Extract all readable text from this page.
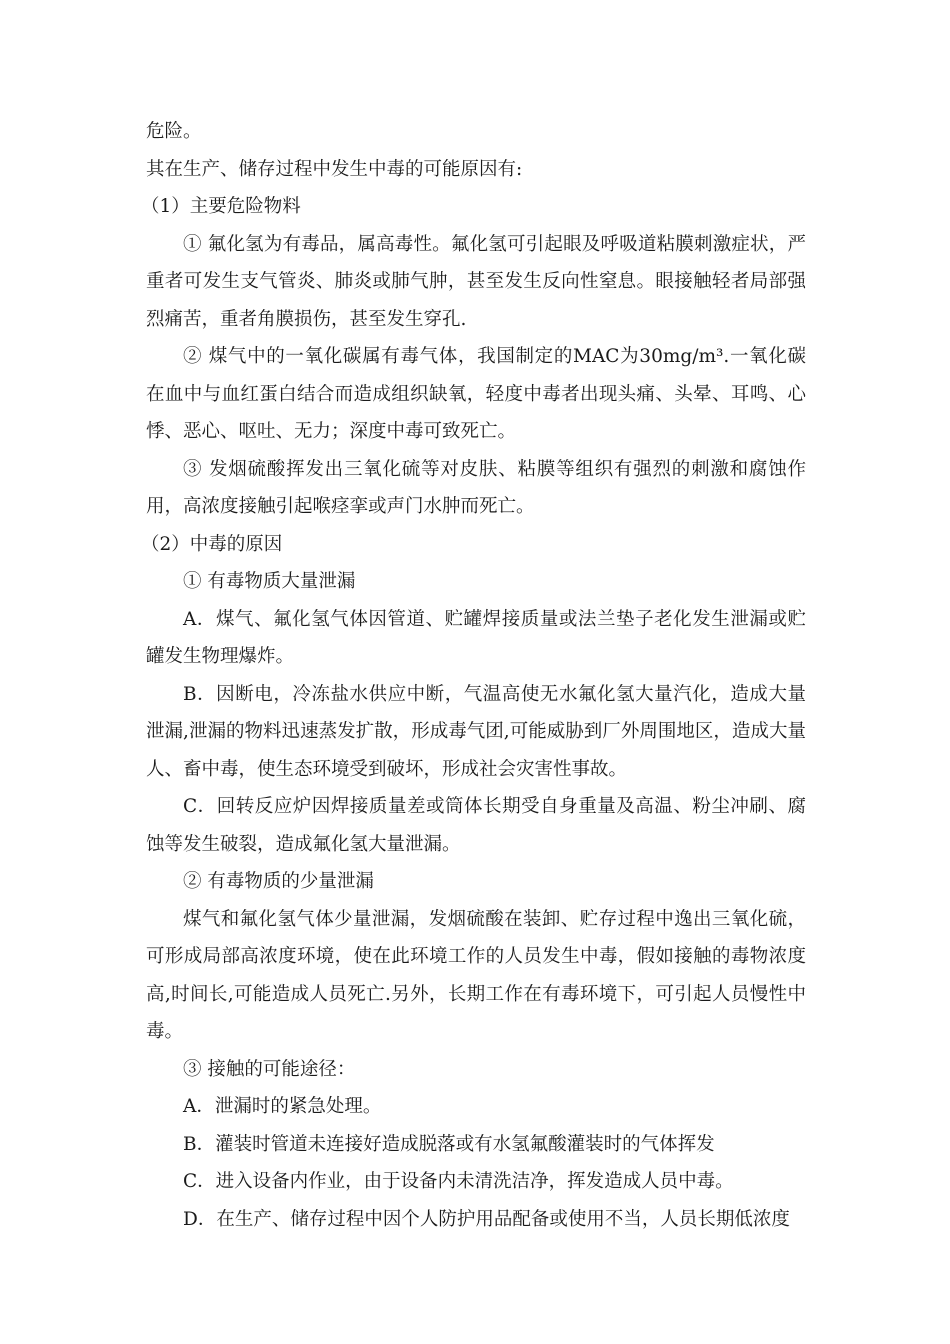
危险。

其在生产、储存过程中发生中毒的可能原因有:

（1）主要危险物料

① 氟化氢为有毒品，属高毒性。氟化氢可引起眼及呼吸道粘膜刺激症状，严重者可发生支气管炎、肺炎或肺气肿，甚至发生反向性窒息。眼接触轻者局部强烈痛苦，重者角膜损伤，甚至发生穿孔.

② 煤气中的一氧化碳属有毒气体，我国制定的MAC为30mg/m³.一氧化碳在血中与血红蛋白结合而造成组织缺氧，轻度中毒者出现头痛、头晕、耳鸣、心悸、恶心、呕吐、无力；深度中毒可致死亡。

③ 发烟硫酸挥发出三氧化硫等对皮肤、粘膜等组织有强烈的刺激和腐蚀作用，高浓度接触引起喉痉挛或声门水肿而死亡。

（2）中毒的原因

① 有毒物质大量泄漏

A．煤气、氟化氢气体因管道、贮罐焊接质量或法兰垫子老化发生泄漏或贮罐发生物理爆炸。

B．因断电，冷冻盐水供应中断，气温高使无水氟化氢大量汽化，造成大量泄漏,泄漏的物料迅速蒸发扩散，形成毒气团,可能威胁到厂外周围地区，造成大量人、畜中毒，使生态环境受到破坏，形成社会灾害性事故。

C．回转反应炉因焊接质量差或筒体长期受自身重量及高温、粉尘冲刷、腐蚀等发生破裂，造成氟化氢大量泄漏。

② 有毒物质的少量泄漏

煤气和氟化氢气体少量泄漏，发烟硫酸在装卸、贮存过程中逸出三氧化硫，可形成局部高浓度环境，使在此环境工作的人员发生中毒，假如接触的毒物浓度高,时间长,可能造成人员死亡.另外，长期工作在有毒环境下，可引起人员慢性中毒。

③ 接触的可能途径：

A．泄漏时的紧急处理。

B．灌装时管道未连接好造成脱落或有水氢氟酸灌装时的气体挥发

C．进入设备内作业，由于设备内未清洗洁净，挥发造成人员中毒。

D．在生产、储存过程中因个人防护用品配备或使用不当，人员长期低浓度
